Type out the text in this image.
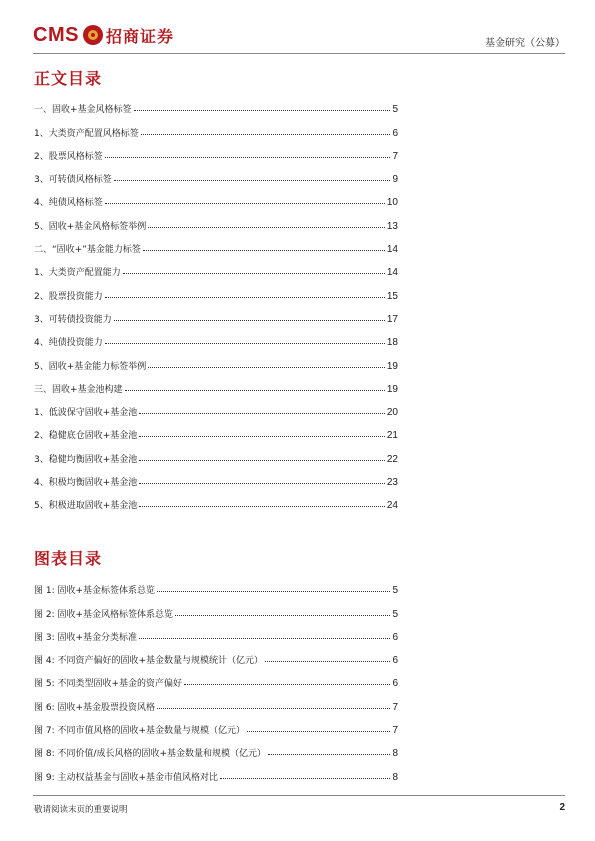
CMS 招商证券	基金研究（公募）
正文目录
一、固收+基金风格标签	5
1、大类资产配置风格标签	6
2、股票风格标签	7
3、可转债风格标签	9
4、纯债风格标签	10
5、固收+基金风格标签举例	13
二、“固收+”基金能力标签	14
1、大类资产配置能力	14
2、股票投资能力	15
3、可转债投资能力	17
4、纯债投资能力	18
5、固收+基金能力标签举例	19
三、固收+基金池构建	19
1、低波保守固收+基金池	20
2、稳健底仓固收+基金池	21
3、稳健均衡固收+基金池	22
4、积极均衡固收+基金池	23
5、积极进取固收+基金池	24
图表目录
图 1: 固收+基金标签体系总览	5
图 2: 固收+基金风格标签体系总览	5
图 3: 固收+基金分类标准	6
图 4: 不同资产偏好的固收+基金数量与规模统计（亿元）	6
图 5: 不同类型固收+基金的资产偏好	6
图 6: 固收+基金股票投资风格	7
图 7: 不同市值风格的固收+基金数量与规模（亿元）	7
图 8: 不同价值/成长风格的固收+基金数量和规模（亿元）	8
图 9: 主动权益基金与固收+基金市值风格对比	8
敬请阅读末页的重要说明	2
